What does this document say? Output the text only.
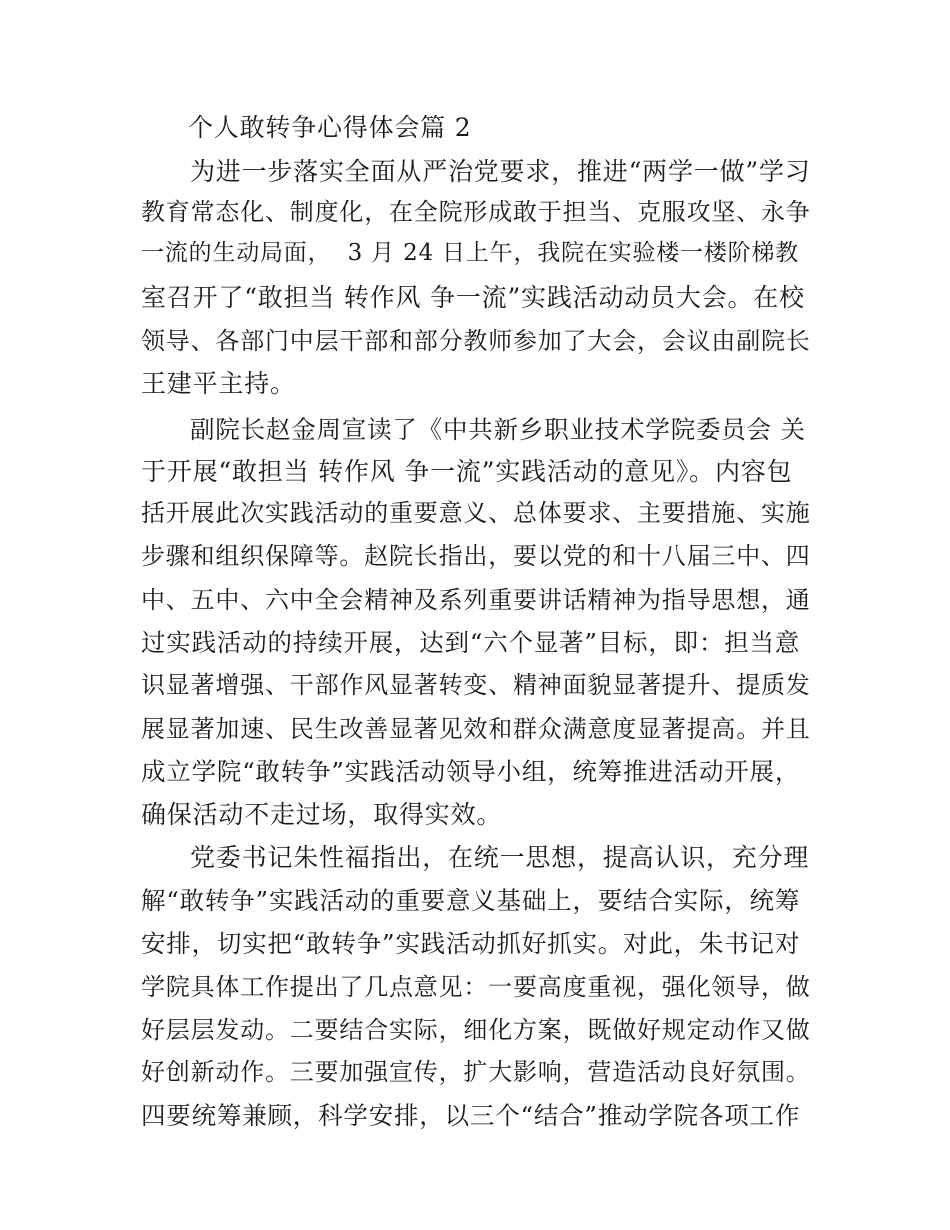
个人敢转争心得体会篇 2
为进一步落实全面从严治党要求，推进“两学一做”学习
教育常态化、制度化，在全院形成敢于担当、克服攻坚、永争
一流的生动局面，  3 月 24 日上午，我院在实验楼一楼阶梯教
室召开了“敢担当 转作风 争一流”实践活动动员大会。在校
领导、各部门中层干部和部分教师参加了大会，会议由副院长
王建平主持。
副院长赵金周宣读了《中共新乡职业技术学院委员会 关
于开展“敢担当 转作风 争一流”实践活动的意见》。内容包
括开展此次实践活动的重要意义、总体要求、主要措施、实施
步骤和组织保障等。赵院长指出，要以党的和十八届三中、四
中、五中、六中全会精神及系列重要讲话精神为指导思想，通
过实践活动的持续开展，达到“六个显著”目标，即：担当意
识显著增强、干部作风显著转变、精神面貌显著提升、提质发
展显著加速、民生改善显著见效和群众满意度显著提高。并且
成立学院“敢转争”实践活动领导小组，统筹推进活动开展，
确保活动不走过场，取得实效。
党委书记朱性福指出，在统一思想，提高认识，充分理
解“敢转争”实践活动的重要意义基础上，要结合实际，统筹
安排，切实把“敢转争”实践活动抓好抓实。对此，朱书记对
学院具体工作提出了几点意见：一要高度重视，强化领导，做
好层层发动。二要结合实际，细化方案，既做好规定动作又做
好创新动作。三要加强宣传，扩大影响，营造活动良好氛围。
四要统筹兼顾，科学安排，以三个“结合”推动学院各项工作
